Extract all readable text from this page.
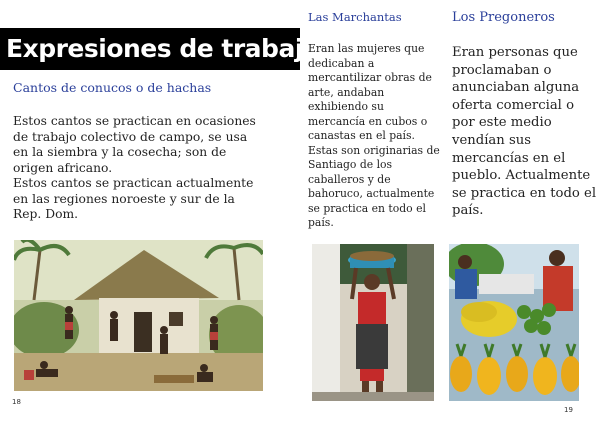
Expresiones de trabajo
Cantos de conucos o de hachas

Estos cantos se practican en ocasiones de trabajo colectivo de campo, se usa en la siembra y la cosecha; son de origen africano.

Estos cantos se practican actualmente en las regiones noroeste y sur de la Rep. Dom.

18
Las Marchantas
Eran las mujeres que dedicaban a mercantilizar obras de arte, andaban exhibiendo su mercancía en cubos o canastas en el país. Estas son originarias de Santiago de los caballeros y de bahoruco, actualmente se practica en todo el país.
Los Pregoneros
Eran personas que proclamaban o anunciaban alguna oferta comercial o por este medio vendían sus mercancías en el pueblo. Actualmente se practica en todo el país.
19
